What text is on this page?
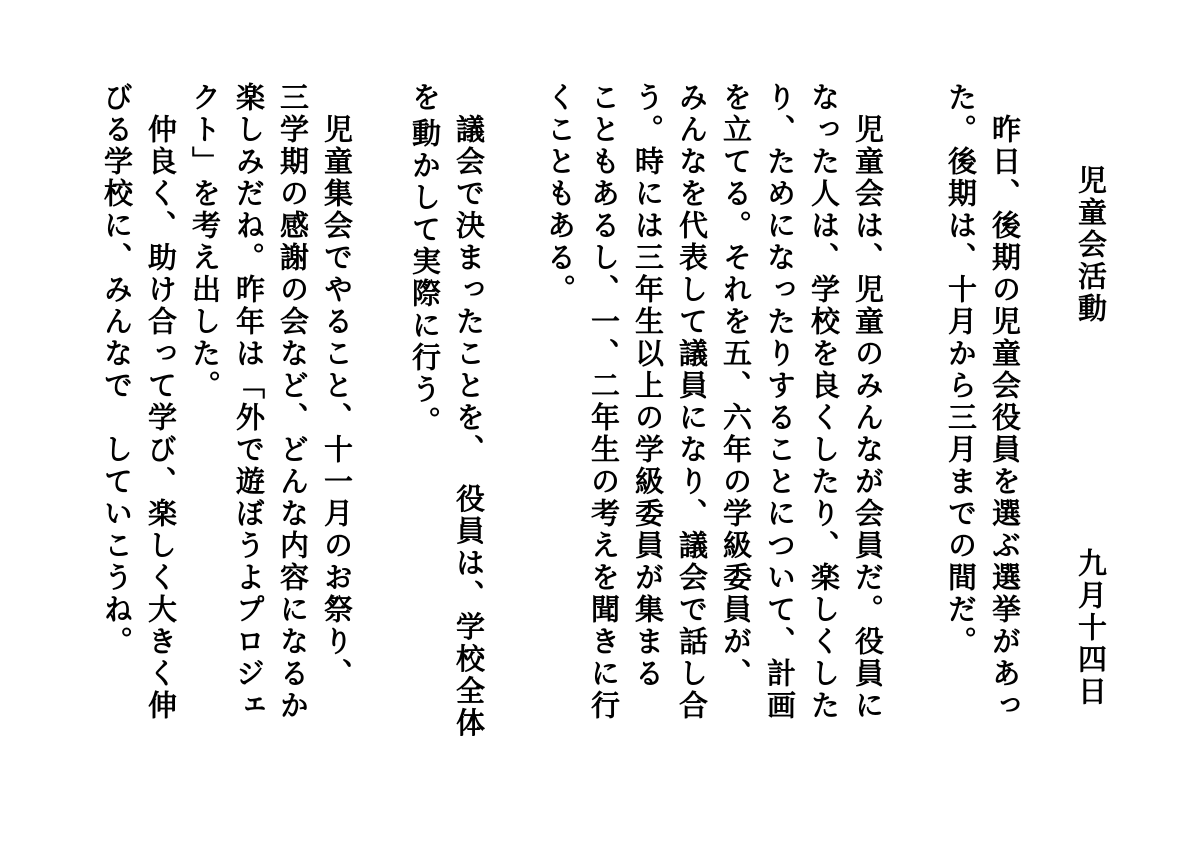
児童会活動
九月十四日
た。後期は、十月から三月までの間だ。 　昨日、後期の児童会役員を選ぶ選挙があっ
　児童会は、児童のみんなが会員だ。役員に
なった人は、学校を良くしたり、楽しくした
り、ためになったりすることについて、計画
を立てる。それを五、六年の学級委員が、
みんなを代表して議員になり、議会で話し合
う。時には三年生以上の学級委員が集まる
こともあるし、一、二年生の考えを聞きに行
くこともある。
を 　議会で決まったことを、　役員は、学校全体
動かして実際に行う。
三学期の感謝の会など、どんな内容になるか 　児童集会でやること、十一月のお祭り、
楽しみだね。昨年は「外で遊ぼうよプロジェ
クト」を考え出した。
　仲良く、助け合って学び、楽しく大きく伸
びる学校に、みんなで　していこうね。
